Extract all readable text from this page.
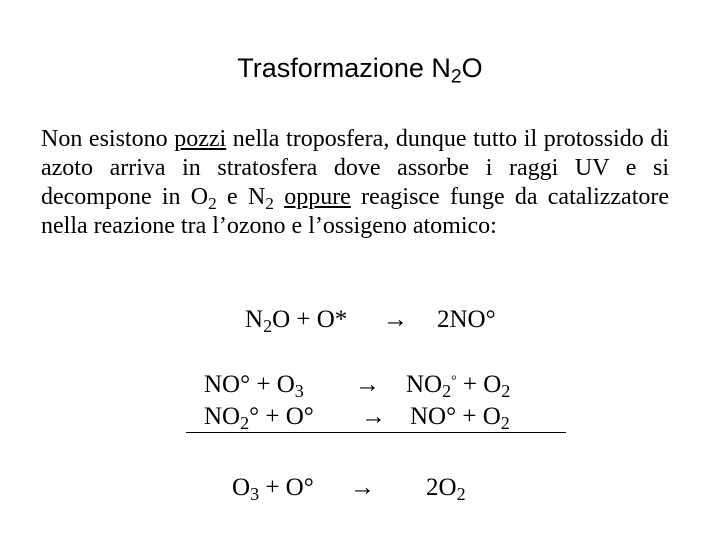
Trasformazione $N_2O$
Non esistono pozzi nella troposfera, dunque tutto il protossido di azoto arriva in stratosfera dove assorbe i raggi UV e si decompone in $O_2$ e $N_2$ oppure reagisce funge da catalizzatore nella reazione tra l’ozono e l’ossigeno atomico:
$N_2O + O* \to 2NO^\circ$
$NO^\circ + O_3 \to NO_2^\circ + O_2$
$NO_2^\circ + O^\circ \to NO^\circ + O_2$
$O_3 + O^\circ \to 2O_2$
